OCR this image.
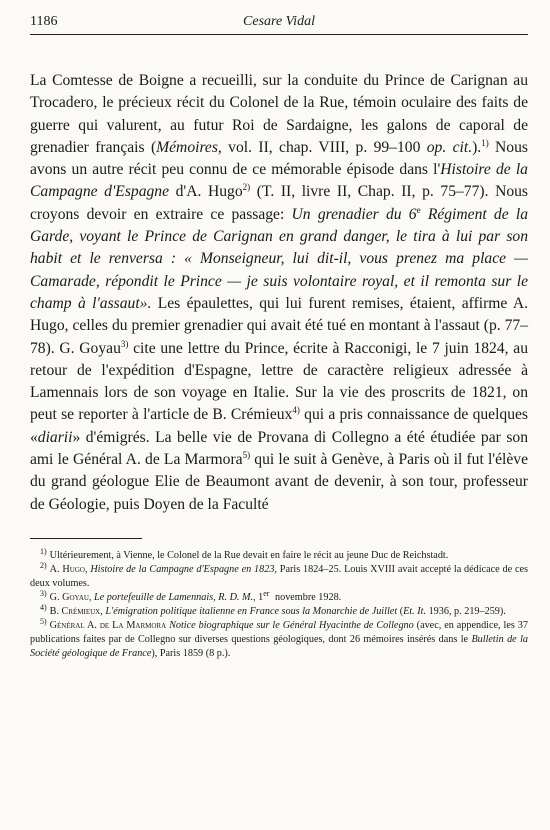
1186	Cesare Vidal

La Comtesse de Boigne a recueilli, sur la conduite du Prince de Carignan au Trocadero, le précieux récit du Colonel de la Rue, témoin oculaire des faits de guerre qui valurent, au futur Roi de Sardaigne, les galons de caporal de grenadier français (Mémoires, vol. II, chap. VIII, p. 99–100 op. cit.).$^{1)}$ Nous avons un autre récit peu connu de ce mémorable épisode dans l'Histoire de la Campagne d'Espagne d'A. Hugo$^{2)}$ (T. II, livre II, Chap. II, p. 75–77). Nous croyons devoir en extraire ce passage: Un grenadier du 6e Régiment de la Garde, voyant le Prince de Carignan en grand danger, le tira à lui par son habit et le renversa : « Monseigneur, lui dit-il, vous prenez ma place — Camarade, répondit le Prince — je suis volontaire royal, et il remonta sur le champ à l'assaut». Les épaulettes, qui lui furent remises, étaient, affirme A. Hugo, celles du premier grenadier qui avait été tué en montant à l'assaut (p. 77–78). G. Goyau$^{3)}$ cite une lettre du Prince, écrite à Racconigi, le 7 juin 1824, au retour de l'expédition d'Espagne, lettre de caractère religieux adressée à Lamennais lors de son voyage en Italie. Sur la vie des proscrits de 1821, on peut se reporter à l'article de B. Crémieux$^{4)}$ qui a pris connaissance de quelques «diarii» d'émigrés. La belle vie de Provana di Collegno a été étudiée par son ami le Général A. de La Marmora$^{5)}$ qui le suit à Genève, à Paris où il fut l'élève du grand géologue Elie de Beaumont avant de devenir, à son tour, professeur de Géologie, puis Doyen de la Faculté

$^{1)}$ Ultérieurement, à Vienne, le Colonel de la Rue devait en faire le récit au jeune Duc de Reichstadt.

$^{2)}$ A. Hugo, Histoire de la Campagne d'Espagne en 1823, Paris 1824–25. Louis XVIII avait accepté la dédicace de ces deux volumes.

$^{3)}$ G. Goyau, Le portefeuille de Lamennais, R. D. M., 1er novembre 1928.

$^{4)}$ B. Crémieux, L'émigration politique italienne en France sous la Monarchie de Juillet (Et. It. 1936, p. 219–259).

$^{5)}$ Général A. de La Marmora Notice biographique sur le Général Hyacinthe de Collegno (avec, en appendice, les 37 publications faites par de Collegno sur diverses questions géologiques, dont 26 mémoires insérés dans le Bulletin de la Société géologique de France), Paris 1859 (8 p.).
